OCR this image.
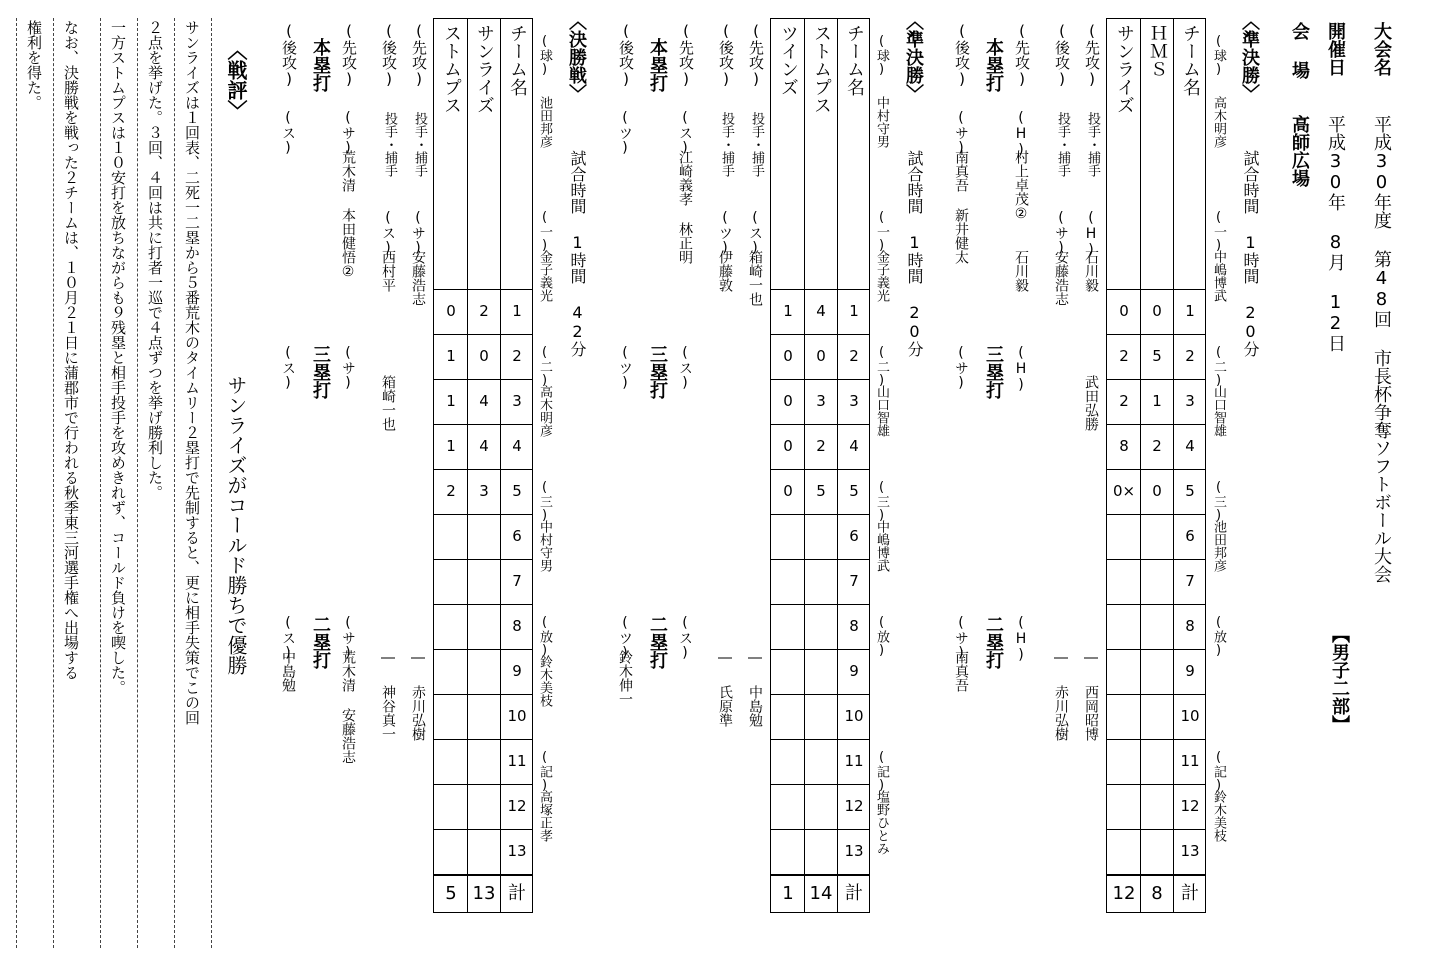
大会名
平成30年度 第48回 市長杯争奪ソフトボール大会
【男子二部】
開催日
平成30年 8月 12日
会 場
高師広場
〈準決勝〉
試合時間 1時間 20分
(球)
高木明彦
(一)
中嶋博武
(二)
山口智雄
(三)
池田邦彦
(放)
(記)
鈴木美枝
チーム名
ＨＭＳ
サンライズ
1
2
3
4
5
6
7
8
9
10
11
12
13
計
0
5
1
2
0
8
0
2
2
8
0×
12
(先攻)
投手・捕手
(H)
石川毅
―
西岡昭博
(後攻)
投手・捕手
(サ)
安藤浩志
武田弘勝
―
赤川弘樹
(先攻)
(H)
村上卓茂②
石川毅
(H)
(H)
本塁打
三塁打
二塁打
(後攻)
(サ)
南真吾 新井健太
(サ)
(サ)
南真吾
〈準決勝〉
試合時間 1時間 20分
(球)
中村守男
(一)
金子義光
(二)
山口智雄
(三)
中嶋博武
(放)
(記)
塩野ひとみ
チーム名
ストムプス
ツインズ
1
2
3
4
5
6
7
8
9
10
11
12
13
計
4
0
3
2
5
14
1
0
0
0
0
1
(先攻)
投手・捕手
(ス)
箱崎一也
―
中島勉
(後攻)
投手・捕手
(ツ)
伊藤敦
―
氏原準
(先攻)
(ス)
江崎義孝 林正明
(ス)
(ス)
本塁打
三塁打
二塁打
(後攻)
(ツ)
(ツ)
(ツ)
鈴木伸一
〈決勝戦〉
試合時間 1時間 42分
(球)
池田邦彦
(一)
金子義光
(二)
高木明彦
(三)
中村守男
(放)
鈴木美枝
(記)
高塚正孝
チーム名
サンライズ
ストムプス
1
2
3
4
5
6
7
8
9
10
11
12
13
計
2
0
4
4
3
13
0
1
1
1
2
5
(先攻)
投手・捕手
(サ)
安藤浩志
―
赤川弘樹
(後攻)
投手・捕手
(ス)
西村平
箱崎一也
―
神谷真一
(先攻)
(サ)
荒木清 本田健悟②
(サ)
(サ)
荒木清 安藤浩志
本塁打
三塁打
二塁打
(後攻)
(ス)
(ス)
(ス)
中島勉
〈戦評〉
サンライズがコールド勝ちで優勝
サンライズは１回表、二死一二塁から５番荒木のタイムリー２塁打で先制すると、更に相手失策でこの回
２点を挙げた。３回、４回は共に打者一巡で４点ずつを挙げ勝利した。
一方ストムプスは１０安打を放ちながらも９残塁と相手投手を攻めきれず、コールド負けを喫した。
なお、決勝戦を戦った２チームは、１０月２１日に蒲郡市で行われる秋季東三河選手権へ出場する
権利を得た。
